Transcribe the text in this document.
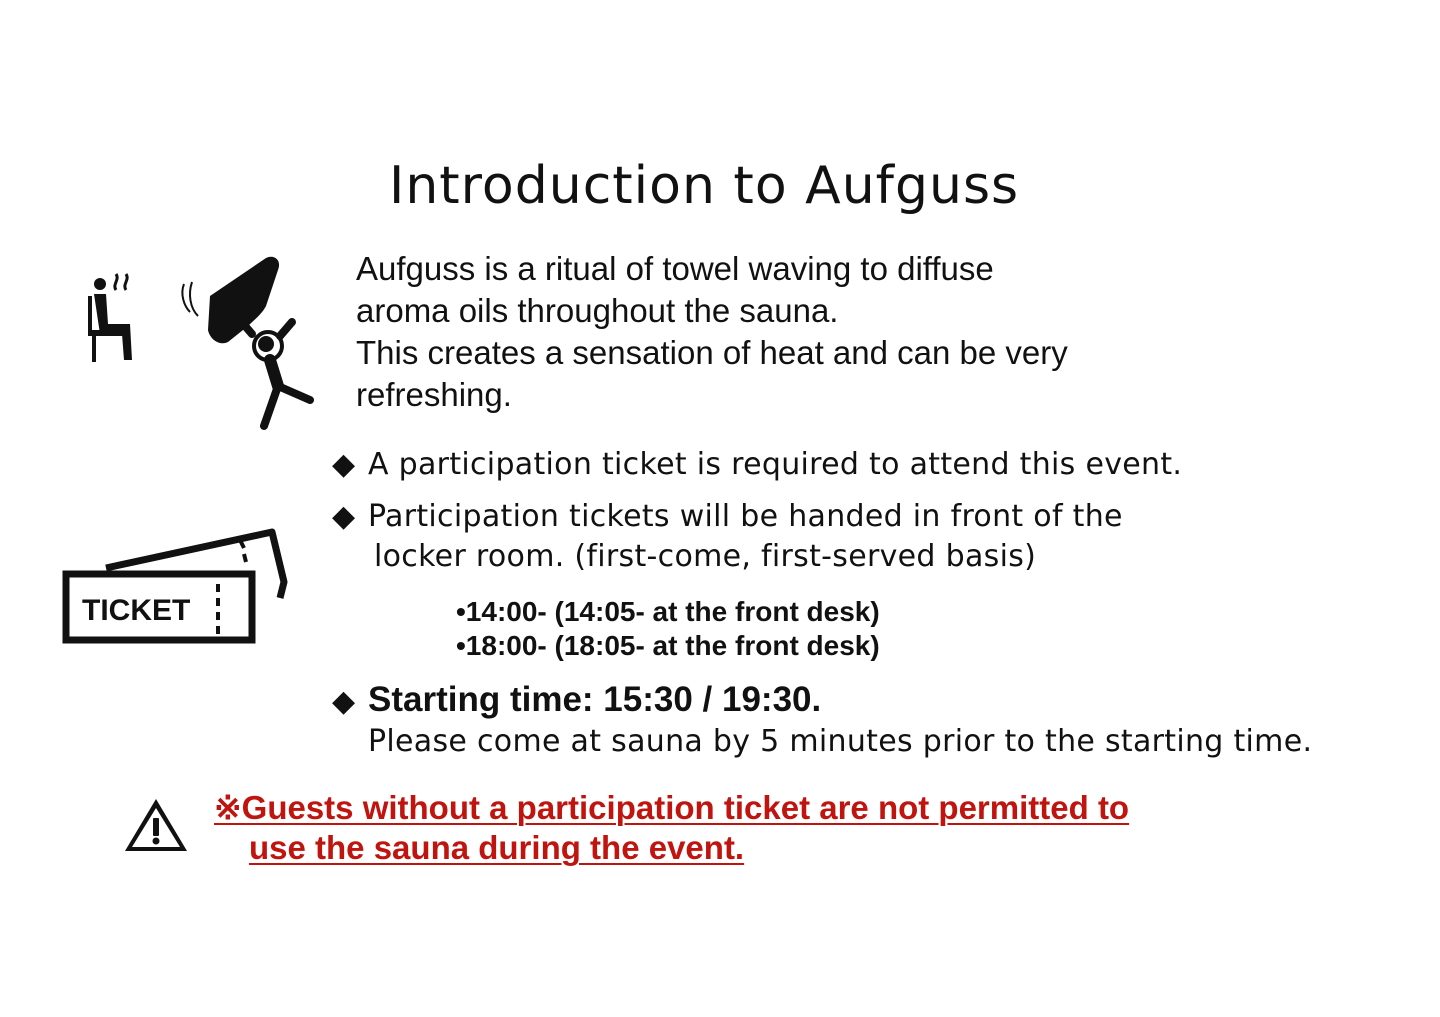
Introduction to Aufguss
Aufguss is a ritual of towel waving to diffuse
aroma oils throughout the sauna.
This creates a sensation of heat and can be very
refreshing.
◆ A participation ticket is required to attend this event.
◆ Participation tickets will be handed in front of the
locker room. (first-come, first-served basis)
TICKET	•14:00- (14:05- at the front desk)
•18:00- (18:05- at the front desk)
◆ Starting time: 15:30 / 19:30.
Please come at sauna by 5 minutes prior to the starting time.
※Guests without a participation ticket are not permitted to
use the sauna during the event.
